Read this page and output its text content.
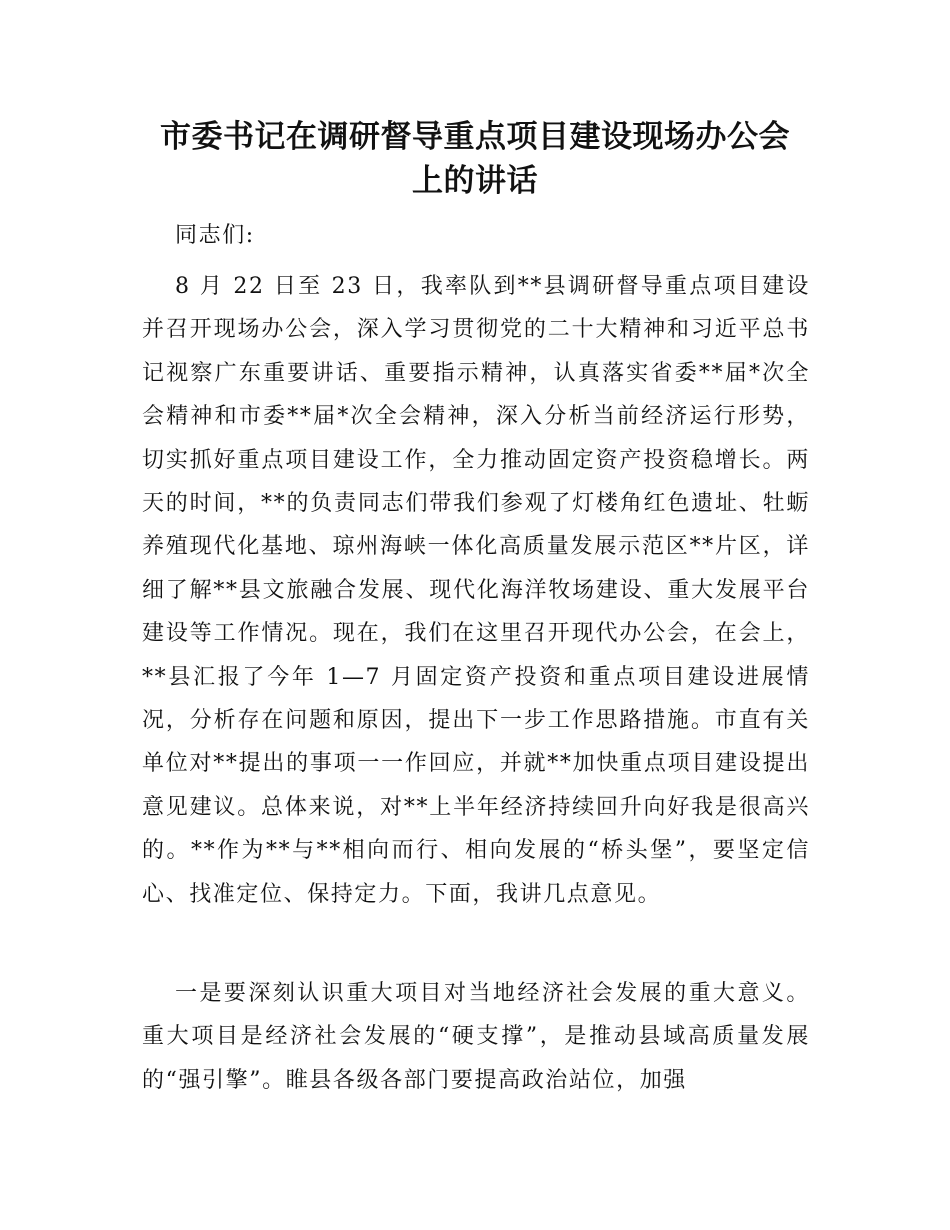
市委书记在调研督导重点项目建设现场办公会
上的讲话

同志们:

8 月 22 日至 23 日，我率队到**县调研督导重点项目建设并召开现场办公会，深入学习贯彻党的二十大精神和习近平总书记视察广东重要讲话、重要指示精神，认真落实省委**届*次全会精神和市委**届*次全会精神，深入分析当前经济运行形势，切实抓好重点项目建设工作，全力推动固定资产投资稳增长。两天的时间，**的负责同志们带我们参观了灯楼角红色遗址、牡蛎养殖现代化基地、琼州海峡一体化高质量发展示范区**片区，详细了解**县文旅融合发展、现代化海洋牧场建设、重大发展平台建设等工作情况。现在，我们在这里召开现代办公会，在会上，**县汇报了今年 1—7 月固定资产投资和重点项目建设进展情况，分析存在问题和原因，提出下一步工作思路措施。市直有关单位对**提出的事项一一作回应，并就**加快重点项目建设提出意见建议。总体来说，对**上半年经济持续回升向好我是很高兴的。**作为**与**相向而行、相向发展的“桥头堡”，要坚定信心、找准定位、保持定力。下面，我讲几点意见。

一是要深刻认识重大项目对当地经济社会发展的重大意义。重大项目是经济社会发展的“硬支撑”，是推动县域高质量发展的“强引擎”。睢县各级各部门要提高政治站位，加强
